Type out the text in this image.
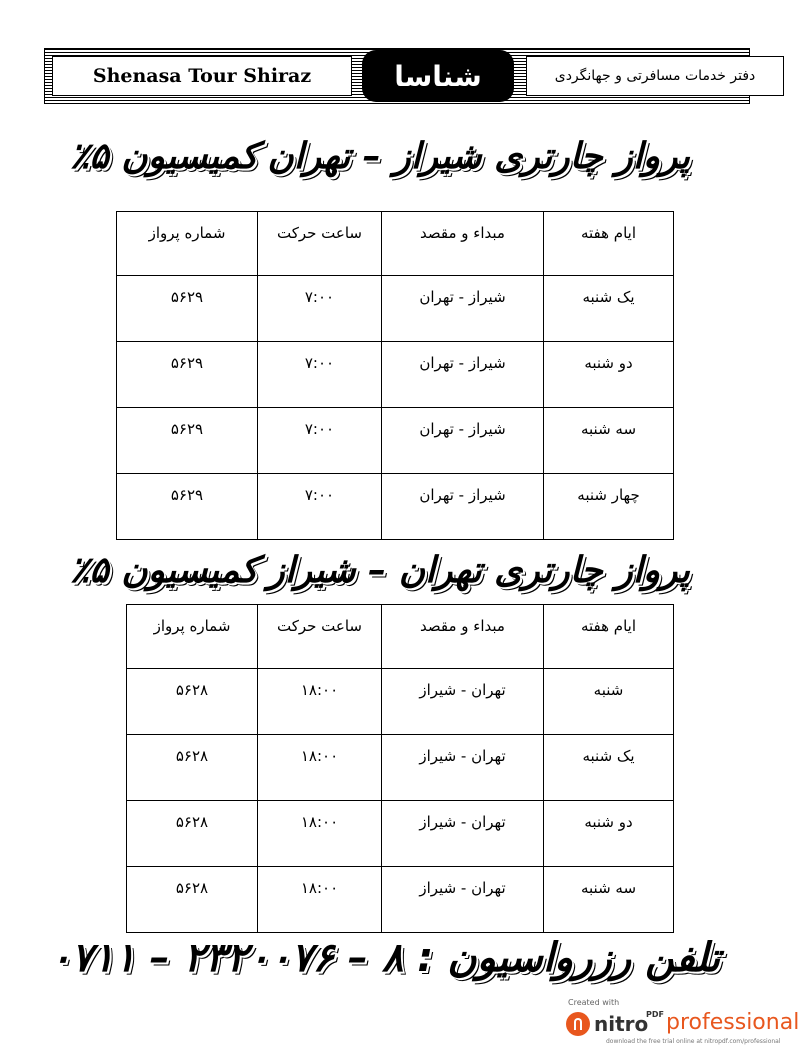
Shenasa Tour Shiraz	شناسا	دفتر خدمات مسافرتی و جهانگردی
پرواز چارتری شیراز – تهران
کمیسیون ۵٪
ایام هفته	مبداء و مقصد	ساعت حرکت	شماره پرواز
یک شنبه	شیراز - تهران	۷:۰۰	۵۶۲۹
دو شنبه	شیراز - تهران	۷:۰۰	۵۶۲۹
سه شنبه	شیراز - تهران	۷:۰۰	۵۶۲۹
چهار شنبه	شیراز - تهران	۷:۰۰	۵۶۲۹
پرواز چارتری تهران – شیراز
کمیسیون ۵٪
ایام هفته	مبداء و مقصد	ساعت حرکت	شماره پرواز
شنبه	تهران - شیراز	۱۸:۰۰	۵۶۲۸
یک شنبه	تهران - شیراز	۱۸:۰۰	۵۶۲۸
دو شنبه	تهران - شیراز	۱۸:۰۰	۵۶۲۸
سه شنبه	تهران - شیراز	۱۸:۰۰	۵۶۲۸
تلفن رزرواسیون : ۸ – ۲۳۲۰۰۷۶ – ۰۷۱۱
Created with
nitro
PDF professional
download the free trial online at nitropdf.com/professional
